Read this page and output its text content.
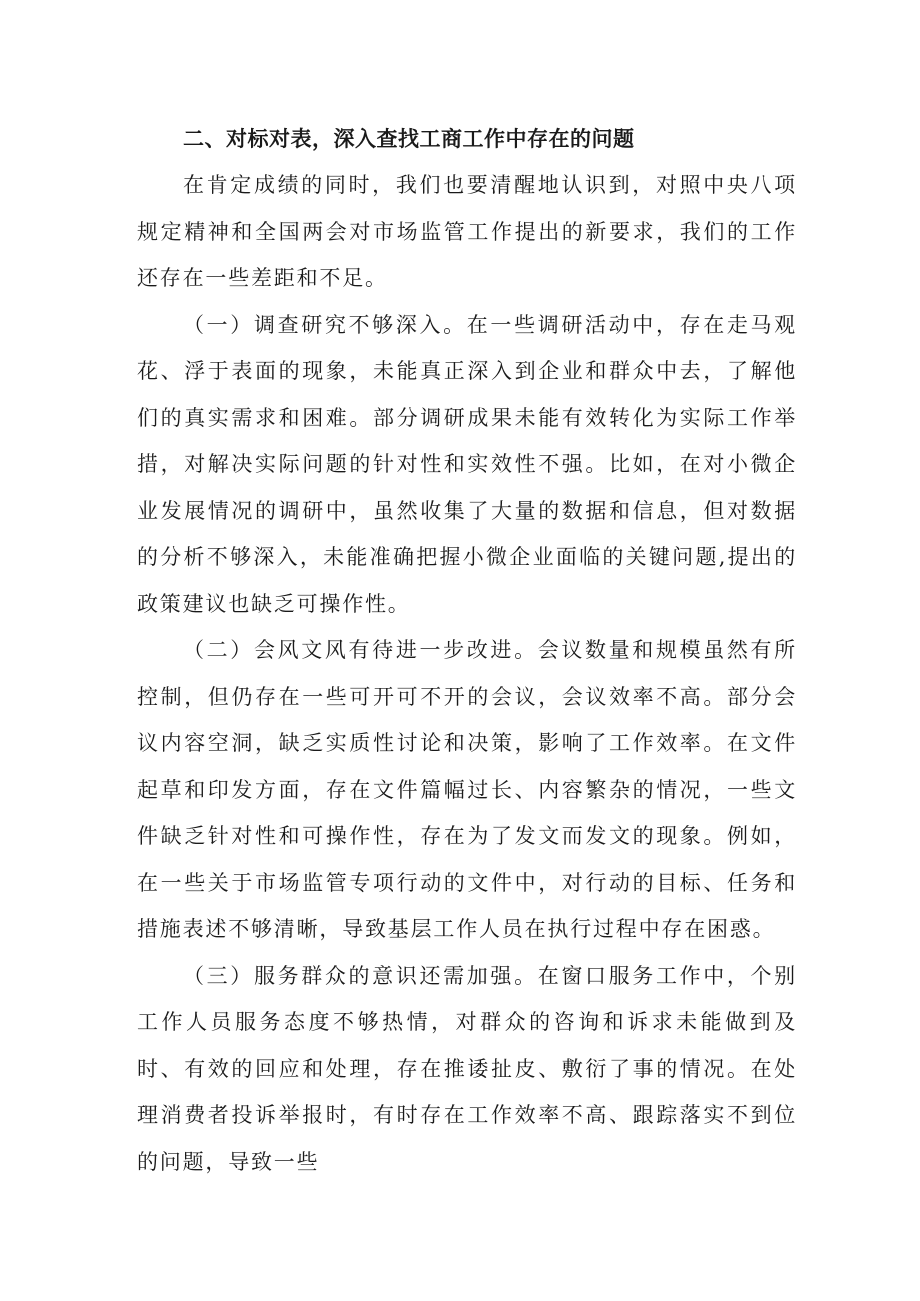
二、对标对表，深入查找工商工作中存在的问题

在肯定成绩的同时，我们也要清醒地认识到，对照中央八项规定精神和全国两会对市场监管工作提出的新要求，我们的工作还存在一些差距和不足。

（一）调查研究不够深入。在一些调研活动中，存在走马观花、浮于表面的现象，未能真正深入到企业和群众中去，了解他们的真实需求和困难。部分调研成果未能有效转化为实际工作举措，对解决实际问题的针对性和实效性不强。比如，在对小微企业发展情况的调研中，虽然收集了大量的数据和信息，但对数据的分析不够深入，未能准确把握小微企业面临的关键问题,提出的政策建议也缺乏可操作性。

（二）会风文风有待进一步改进。会议数量和规模虽然有所控制，但仍存在一些可开可不开的会议，会议效率不高。部分会议内容空洞，缺乏实质性讨论和决策，影响了工作效率。在文件起草和印发方面，存在文件篇幅过长、内容繁杂的情况，一些文件缺乏针对性和可操作性，存在为了发文而发文的现象。例如，在一些关于市场监管专项行动的文件中，对行动的目标、任务和措施表述不够清晰，导致基层工作人员在执行过程中存在困惑。

（三）服务群众的意识还需加强。在窗口服务工作中，个别工作人员服务态度不够热情，对群众的咨询和诉求未能做到及时、有效的回应和处理，存在推诿扯皮、敷衍了事的情况。在处理消费者投诉举报时，有时存在工作效率不高、跟踪落实不到位的问题，导致一些
